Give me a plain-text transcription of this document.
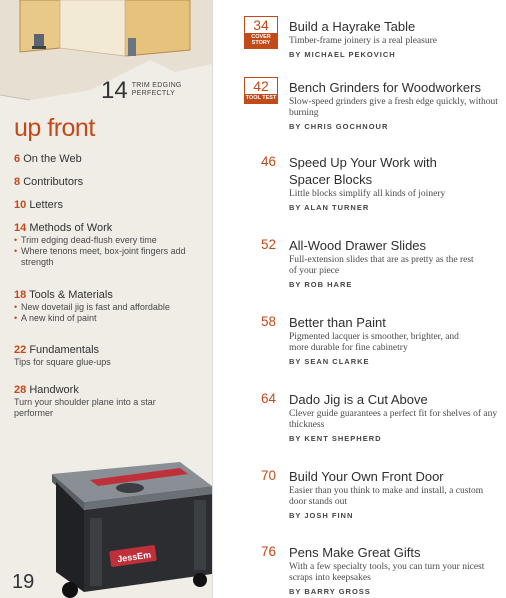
14 TRIM EDGING
PERFECTLY
up front
6 On the Web
8 Contributors
10 Letters
14 Methods of Work
• Trim edging dead-flush every time
• Where tenons meet, box-joint fingers add strength
18 Tools & Materials
• New dovetail jig is fast and affordable
• A new kind of paint
22 Fundamentals
Tips for square glue-ups
28 Handwork
Turn your shoulder plane into a star performer
JessEm
19
34
COVER STORY
Build a Hayrake Table
Timber-frame joinery is a real pleasure
BY MICHAEL PEKOVICH
42
TOOL TEST
Bench Grinders for Woodworkers
Slow-speed grinders give a fresh edge quickly, without burning
BY CHRIS GOCHNOUR
46 Speed Up Your Work with Spacer Blocks
Little blocks simplify all kinds of joinery
BY ALAN TURNER
52 All-Wood Drawer Slides
Full-extension slides that are as pretty as the rest of your piece
BY ROB HARE
58 Better than Paint
Pigmented lacquer is smoother, brighter, and more durable for fine cabinetry
BY SEAN CLARKE
64 Dado Jig is a Cut Above
Clever guide guarantees a perfect fit for shelves of any thickness
BY KENT SHEPHERD
70 Build Your Own Front Door
Easier than you think to make and install, a custom door stands out
BY JOSH FINN
76 Pens Make Great Gifts
With a few specialty tools, you can turn your nicest scraps into keepsakes
BY BARRY GROSS
